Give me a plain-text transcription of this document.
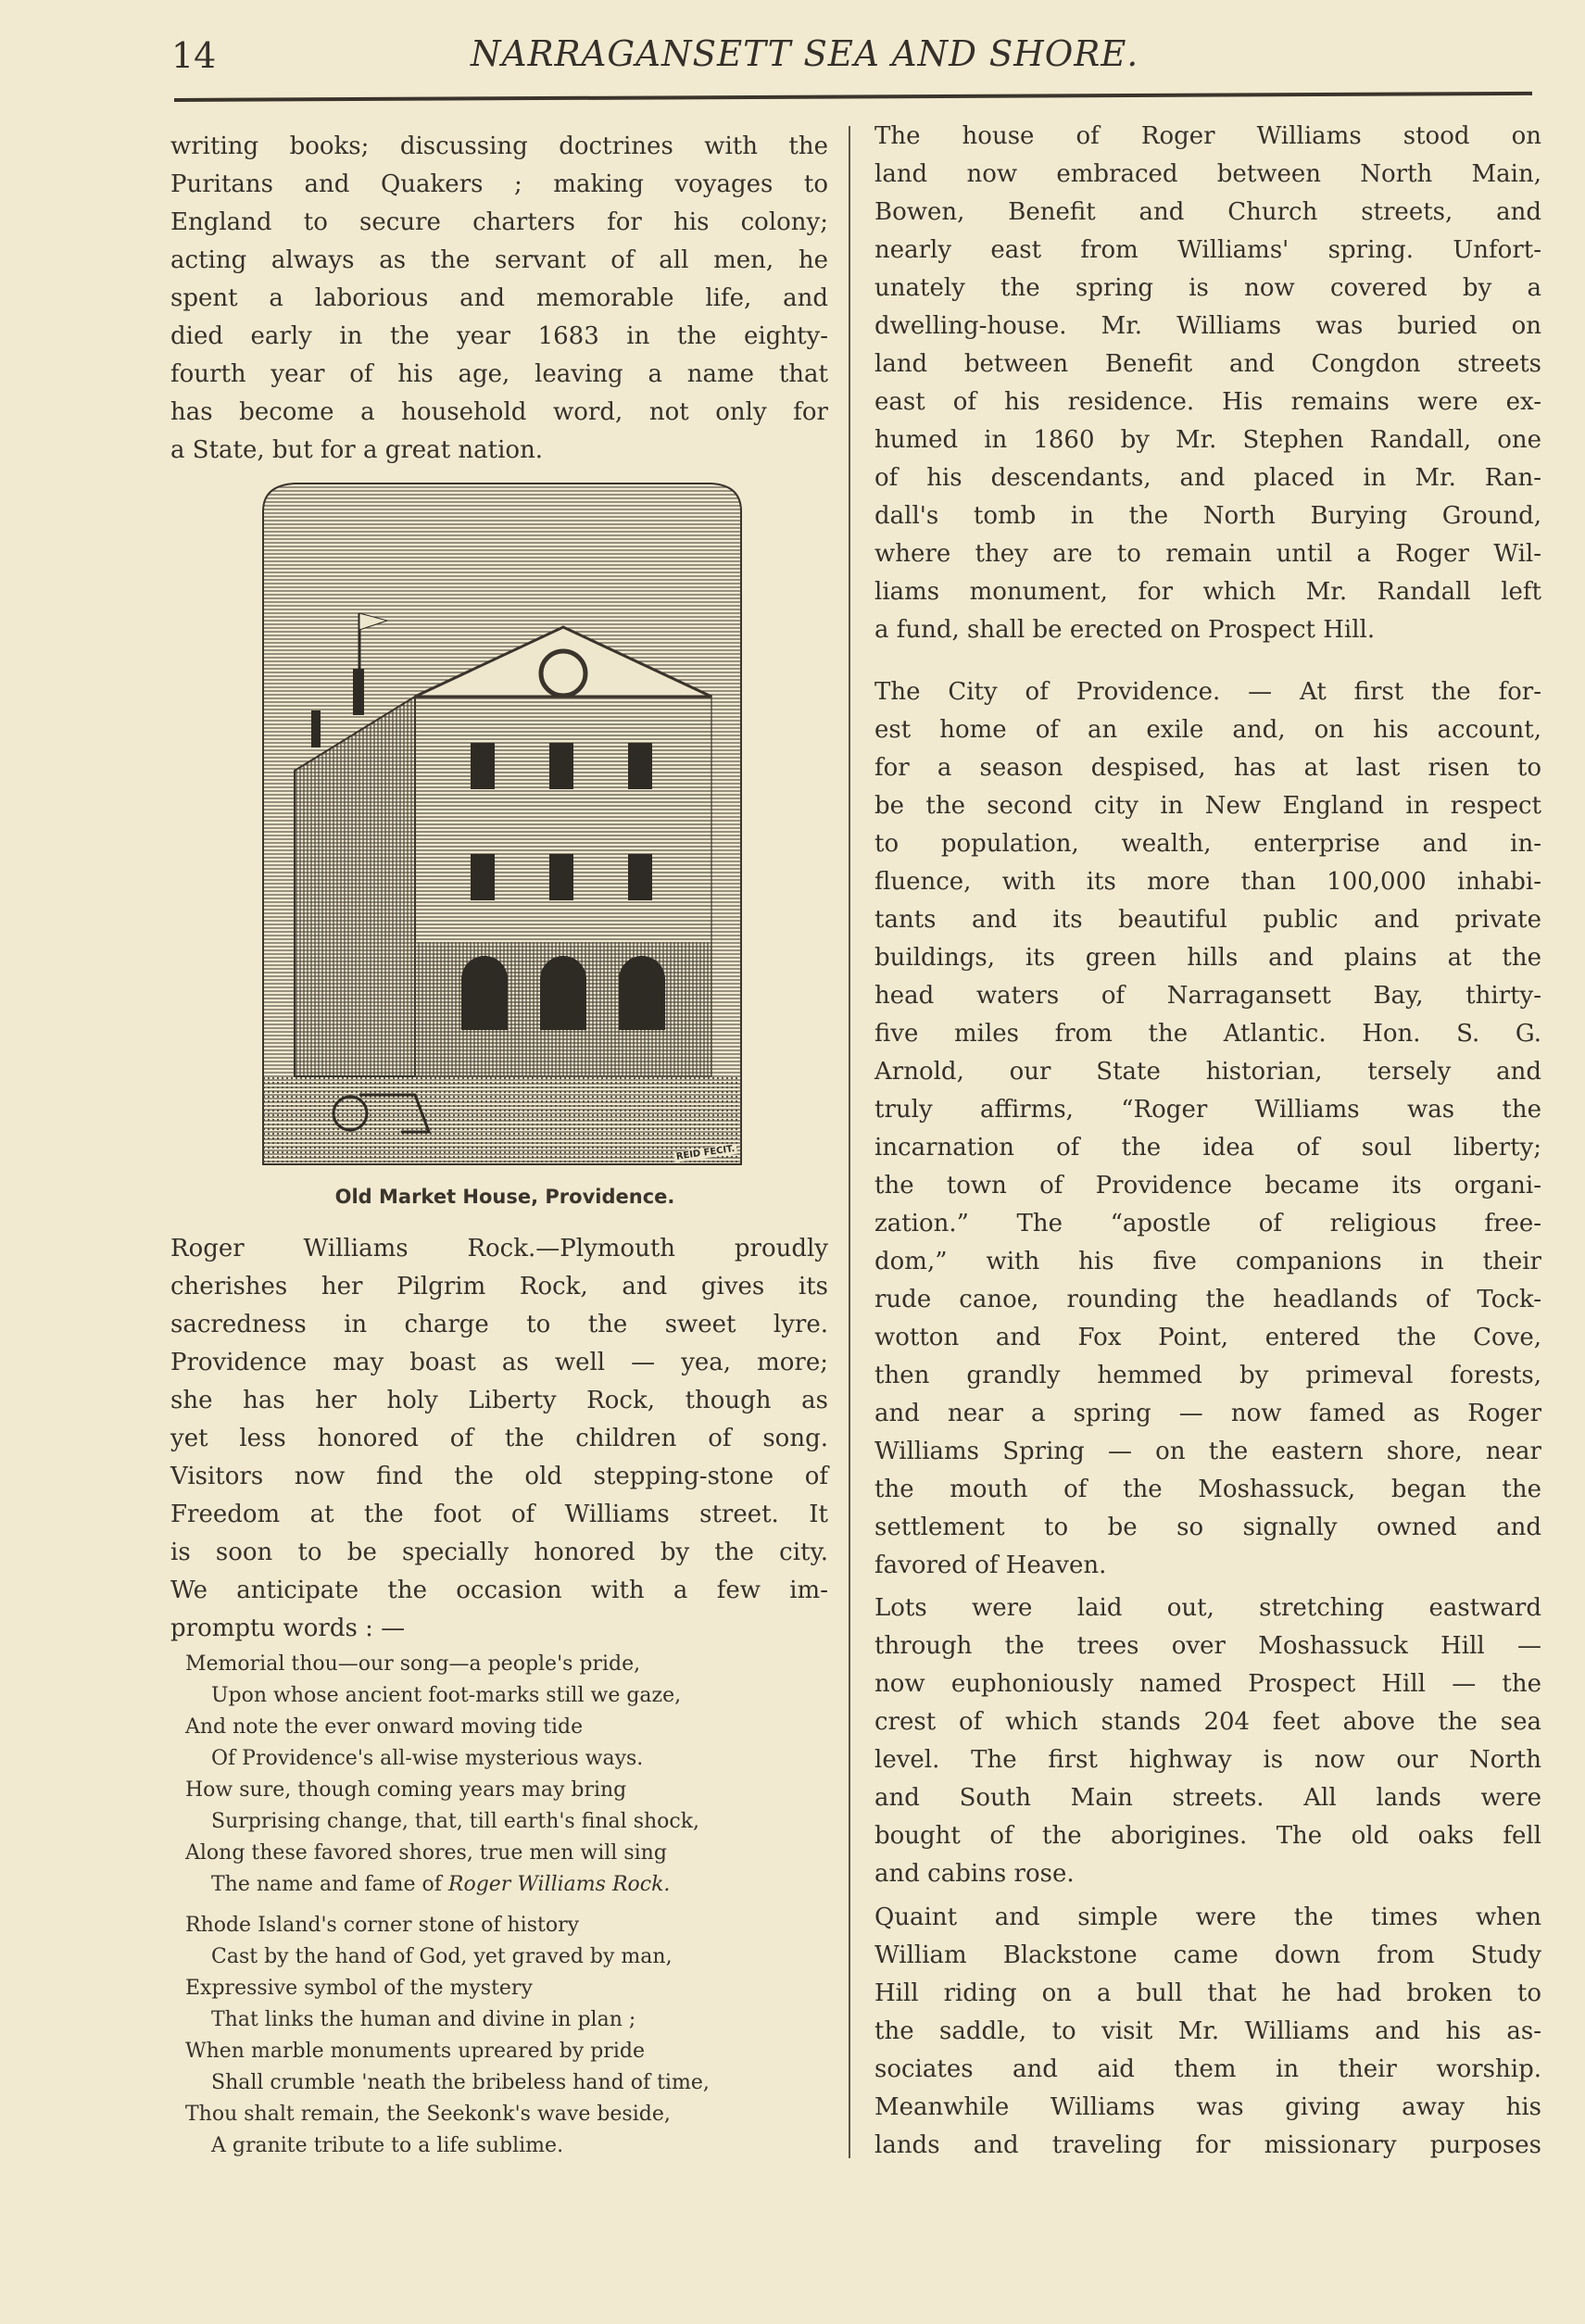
14	NARRAGANSETT SEA AND SHORE.
writing books; discussing doctrines with the
Puritans and Quakers ; making voyages to
England to secure charters for his colony;
acting always as the servant of all men, he
spent a laborious and memorable life, and
died early in the year 1683 in the eighty-
fourth year of his age, leaving a name that
has become a household word, not only for
a State, but for a great nation.
REID FECIT.
Old Market House, Providence.
Roger Williams Rock.—Plymouth proudly
cherishes her Pilgrim Rock, and gives its
sacredness in charge to the sweet lyre.
Providence may boast as well — yea, more;
she has her holy Liberty Rock, though as
yet less honored of the children of song.
Visitors now find the old stepping-stone of
Freedom at the foot of Williams street. It
is soon to be specially honored by the city.
We anticipate the occasion with a few im-
promptu words : —
Memorial thou—our song—a people's pride,
Upon whose ancient foot-marks still we gaze,
And note the ever onward moving tide
Of Providence's all-wise mysterious ways.
How sure, though coming years may bring
Surprising change, that, till earth's final shock,
Along these favored shores, true men will sing
The name and fame of Roger Williams Rock.
Rhode Island's corner stone of history
Cast by the hand of God, yet graved by man,
Expressive symbol of the mystery
That links the human and divine in plan ;
When marble monuments upreared by pride
Shall crumble 'neath the bribeless hand of time,
Thou shalt remain, the Seekonk's wave beside,
A granite tribute to a life sublime.
The house of Roger Williams stood on
land now embraced between North Main,
Bowen, Benefit and Church streets, and
nearly east from Williams' spring. Unfort-
unately the spring is now covered by a
dwelling-house. Mr. Williams was buried on
land between Benefit and Congdon streets
east of his residence. His remains were ex-
humed in 1860 by Mr. Stephen Randall, one
of his descendants, and placed in Mr. Ran-
dall's tomb in the North Burying Ground,
where they are to remain until a Roger Wil-
liams monument, for which Mr. Randall left
a fund, shall be erected on Prospect Hill.
The City of Providence. — At first the for-
est home of an exile and, on his account,
for a season despised, has at last risen to
be the second city in New England in respect
to population, wealth, enterprise and in-
fluence, with its more than 100,000 inhabi-
tants and its beautiful public and private
buildings, its green hills and plains at the
head waters of Narragansett Bay, thirty-
five miles from the Atlantic. Hon. S. G.
Arnold, our State historian, tersely and
truly affirms, “Roger Williams was the
incarnation of the idea of soul liberty;
the town of Providence became its organi-
zation.” The “apostle of religious free-
dom,” with his five companions in their
rude canoe, rounding the headlands of Tock-
wotton and Fox Point, entered the Cove,
then grandly hemmed by primeval forests,
and near a spring — now famed as Roger
Williams Spring — on the eastern shore, near
the mouth of the Moshassuck, began the
settlement to be so signally owned and
favored of Heaven.
Lots were laid out, stretching eastward
through the trees over Moshassuck Hill —
now euphoniously named Prospect Hill — the
crest of which stands 204 feet above the sea
level. The first highway is now our North
and South Main streets. All lands were
bought of the aborigines. The old oaks fell
and cabins rose.
Quaint and simple were the times when
William Blackstone came down from Study
Hill riding on a bull that he had broken to
the saddle, to visit Mr. Williams and his as-
sociates and aid them in their worship.
Meanwhile Williams was giving away his
lands and traveling for missionary purposes
